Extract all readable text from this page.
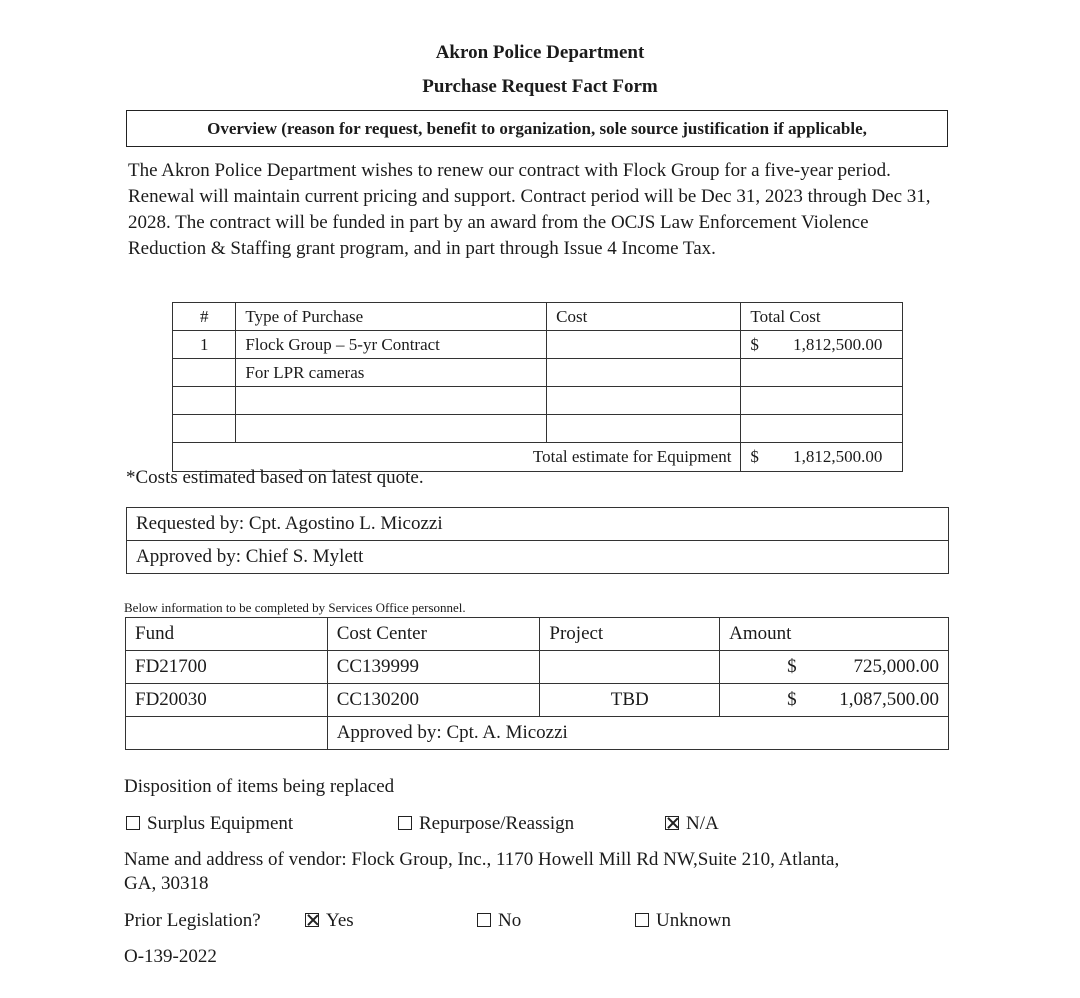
Akron Police Department
Purchase Request Fact Form
Overview (reason for request, benefit to organization, sole source justification if applicable,
The Akron Police Department wishes to renew our contract with Flock Group for a five-year period. Renewal will maintain current pricing and support. Contract period will be Dec 31, 2023 through Dec 31, 2028. The contract will be funded in part by an award from the OCJS Law Enforcement Violence Reduction & Staffing grant program, and in part through Issue 4 Income Tax.
#	Type of Purchase	Cost	Total Cost
1	Flock Group – 5-yr Contract		$ 1,812,500.00
	For LPR cameras		

Total estimate for Equipment			$ 1,812,500.00
*Costs estimated based on latest quote.
Requested by: Cpt. Agostino L. Micozzi
Approved by: Chief S. Mylett
Below information to be completed by Services Office personnel.
Fund	Cost Center	Project	Amount
FD21700	CC139999		$ 725,000.00

FD20030	CC130200	TBD	$ 1,087,500.00

	Approved by: Cpt. A. Micozzi		
Disposition of items being replaced
Surplus Equipment	Repurpose/Reassign	N/A
Name and address of vendor: Flock Group, Inc., 1170 Howell Mill Rd NW,Suite 210, Atlanta,
GA, 30318
Prior Legislation?	Yes	No	Unknown
O-139-2022
